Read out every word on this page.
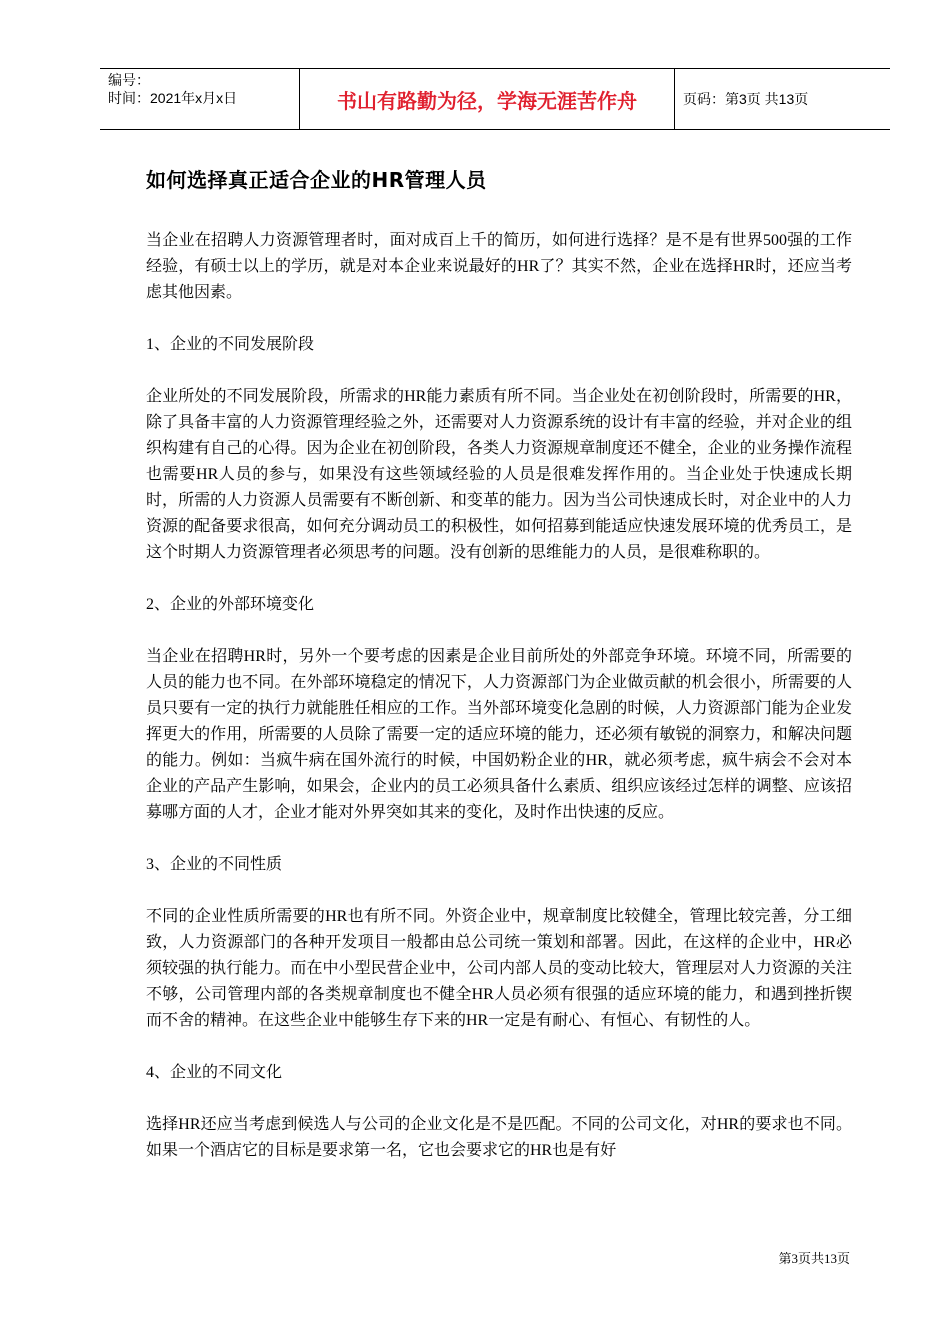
编号：
时间：2021年x月x日	书山有路勤为径，学海无涯苦作舟	页码：第3页 共13页
如何选择真正适合企业的HR管理人员

当企业在招聘人力资源管理者时，面对成百上千的简历，如何进行选择？是不是有世界500强的工作经验，有硕士以上的学历，就是对本企业来说最好的HR了？其实不然，企业在选择HR时，还应当考虑其他因素。

1、企业的不同发展阶段

企业所处的不同发展阶段，所需求的HR能力素质有所不同。当企业处在初创阶段时，所需要的HR，除了具备丰富的人力资源管理经验之外，还需要对人力资源系统的设计有丰富的经验，并对企业的组织构建有自己的心得。因为企业在初创阶段，各类人力资源规章制度还不健全，企业的业务操作流程也需要HR人员的参与，如果没有这些领域经验的人员是很难发挥作用的。当企业处于快速成长期时，所需的人力资源人员需要有不断创新、和变革的能力。因为当公司快速成长时，对企业中的人力资源的配备要求很高，如何充分调动员工的积极性，如何招募到能适应快速发展环境的优秀员工，是这个时期人力资源管理者必须思考的问题。没有创新的思维能力的人员，是很难称职的。

2、企业的外部环境变化

当企业在招聘HR时，另外一个要考虑的因素是企业目前所处的外部竞争环境。环境不同，所需要的人员的能力也不同。在外部环境稳定的情况下，人力资源部门为企业做贡献的机会很小，所需要的人员只要有一定的执行力就能胜任相应的工作。当外部环境变化急剧的时候，人力资源部门能为企业发挥更大的作用，所需要的人员除了需要一定的适应环境的能力，还必须有敏锐的洞察力，和解决问题的能力。例如：当疯牛病在国外流行的时候，中国奶粉企业的HR，就必须考虑，疯牛病会不会对本企业的产品产生影响，如果会，企业内的员工必须具备什么素质、组织应该经过怎样的调整、应该招募哪方面的人才，企业才能对外界突如其来的变化，及时作出快速的反应。

3、企业的不同性质

不同的企业性质所需要的HR也有所不同。外资企业中，规章制度比较健全，管理比较完善，分工细致，人力资源部门的各种开发项目一般都由总公司统一策划和部署。因此，在这样的企业中，HR必须较强的执行能力。而在中小型民营企业中，公司内部人员的变动比较大，管理层对人力资源的关注不够，公司管理内部的各类规章制度也不健全HR人员必须有很强的适应环境的能力，和遇到挫折锲而不舍的精神。在这些企业中能够生存下来的HR一定是有耐心、有恒心、有韧性的人。

4、企业的不同文化

选择HR还应当考虑到候选人与公司的企业文化是不是匹配。不同的公司文化，对HR的要求也不同。如果一个酒店它的目标是要求第一名，它也会要求它的HR也是有好

第3页共13页
